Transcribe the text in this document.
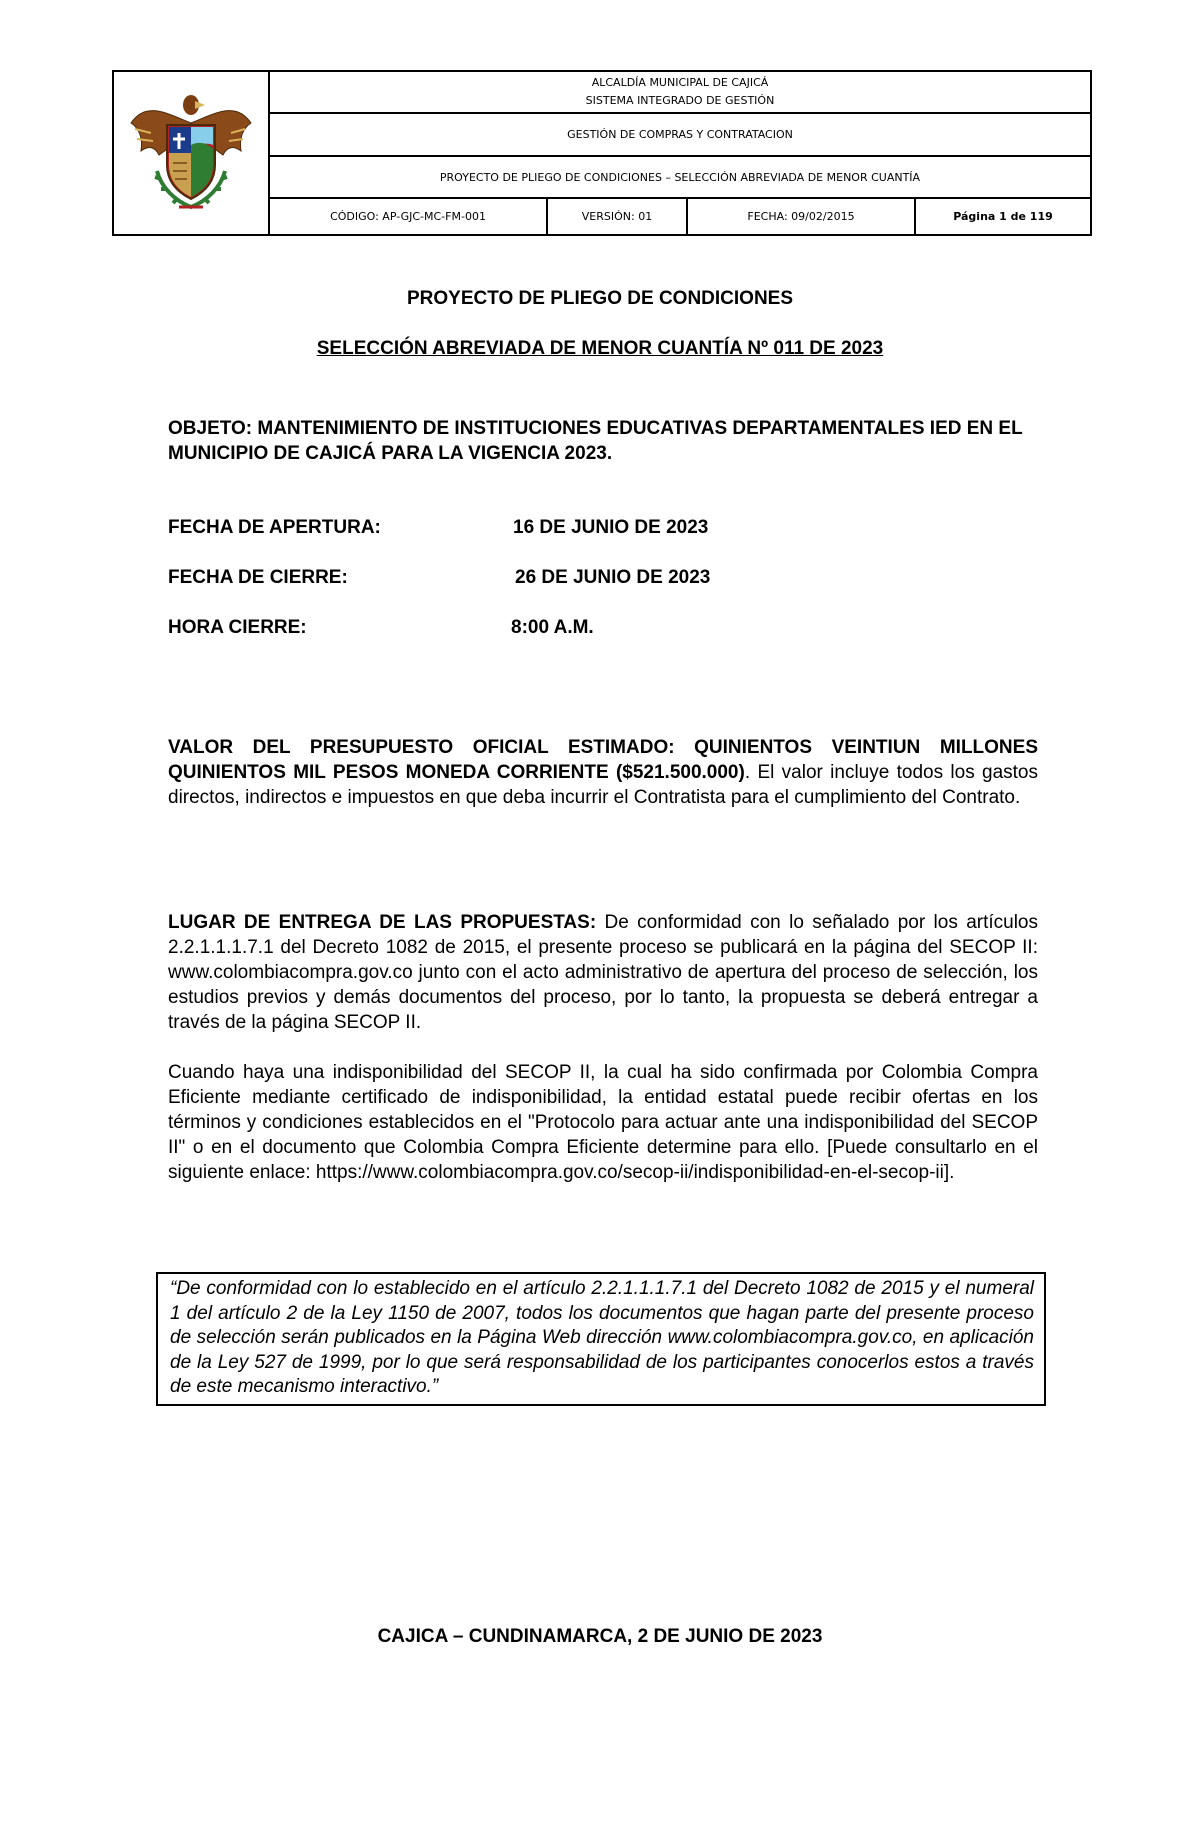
ALCALDÍA MUNICIPAL DE CAJICÁ
SISTEMA INTEGRADO DE GESTIÓN
GESTIÓN DE COMPRAS Y CONTRATACION
PROYECTO DE PLIEGO DE CONDICIONES – SELECCIÓN ABREVIADA DE MENOR CUANTÍA
CÓDIGO: AP-GJC-MC-FM-001	VERSIÓN: 01	FECHA: 09/02/2015	Página 1 de 119
PROYECTO DE PLIEGO DE CONDICIONES
SELECCIÓN ABREVIADA DE MENOR CUANTÍA Nº 011 DE 2023
OBJETO: MANTENIMIENTO DE INSTITUCIONES EDUCATIVAS DEPARTAMENTALES IED EN EL MUNICIPIO DE CAJICÁ PARA LA VIGENCIA 2023.
FECHA DE APERTURA:	16 DE JUNIO DE 2023
FECHA DE CIERRE:	26 DE JUNIO DE 2023
HORA CIERRE:	8:00 A.M.
VALOR DEL PRESUPUESTO OFICIAL ESTIMADO: QUINIENTOS VEINTIUN MILLONES QUINIENTOS MIL PESOS MONEDA CORRIENTE ($521.500.000). El valor incluye todos los gastos directos, indirectos e impuestos en que deba incurrir el Contratista para el cumplimiento del Contrato.
LUGAR DE ENTREGA DE LAS PROPUESTAS: De conformidad con lo señalado por los artículos 2.2.1.1.1.7.1 del Decreto 1082 de 2015, el presente proceso se publicará en la página del SECOP II: www.colombiacompra.gov.co junto con el acto administrativo de apertura del proceso de selección, los estudios previos y demás documentos del proceso, por lo tanto, la propuesta se deberá entregar a través de la página SECOP II.
Cuando haya una indisponibilidad del SECOP II, la cual ha sido confirmada por Colombia Compra Eficiente mediante certificado de indisponibilidad, la entidad estatal puede recibir ofertas en los términos y condiciones establecidos en el "Protocolo para actuar ante una indisponibilidad del SECOP II" o en el documento que Colombia Compra Eficiente determine para ello. [Puede consultarlo en el siguiente enlace: https://www.colombiacompra.gov.co/secop-ii/indisponibilidad-en-el-secop-ii].
“De conformidad con lo establecido en el artículo 2.2.1.1.1.7.1 del Decreto 1082 de 2015 y el numeral 1 del artículo 2 de la Ley 1150 de 2007, todos los documentos que hagan parte del presente proceso de selección serán publicados en la Página Web dirección www.colombiacompra.gov.co, en aplicación de la Ley 527 de 1999, por lo que será responsabilidad de los participantes conocerlos estos a través de este mecanismo interactivo.”
CAJICA – CUNDINAMARCA, 2 DE JUNIO DE 2023
